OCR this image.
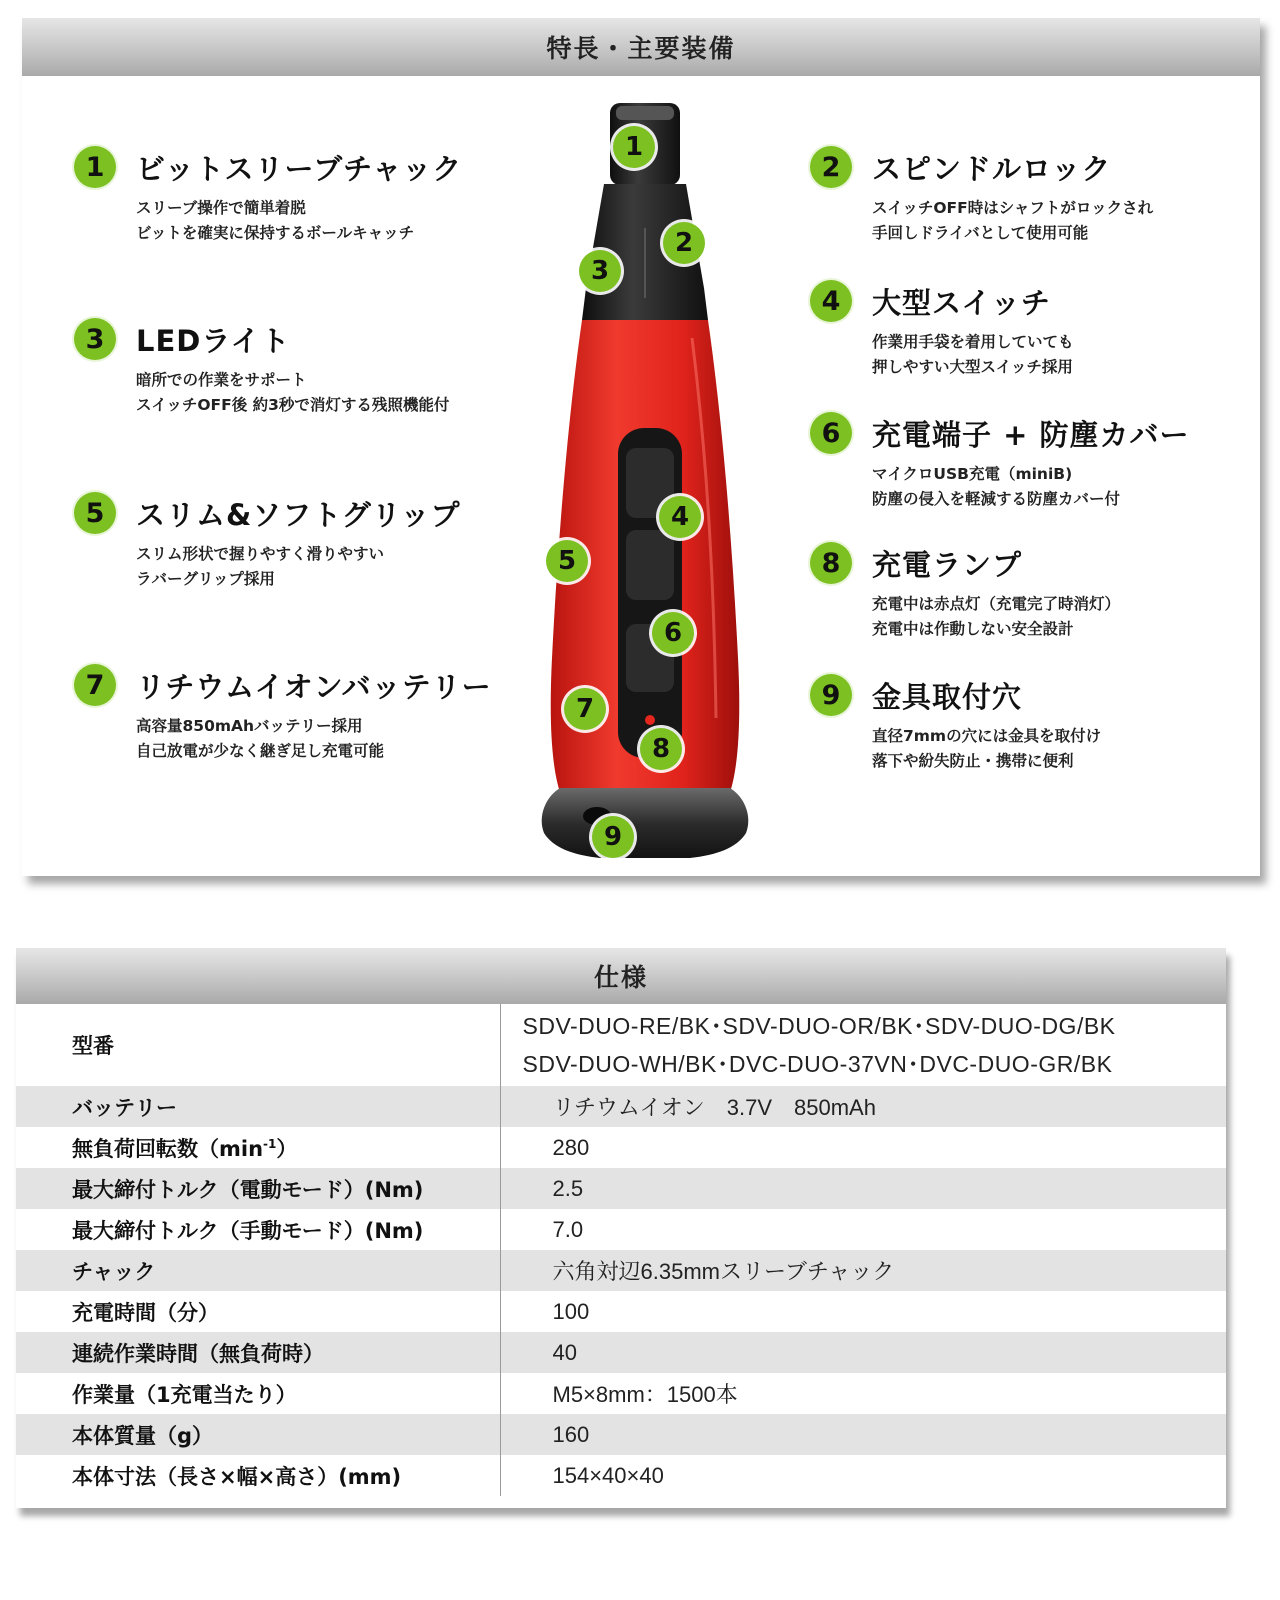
特長・主要装備
1	ビットスリーブチャック
スリーブ操作で簡単着脱
ビットを確実に保持するボールキャッチ
3	LEDライト
暗所での作業をサポート
スイッチOFF後 約3秒で消灯する残照機能付
5	スリム&ソフトグリップ
スリム形状で握りやすく滑りやすい
ラバーグリップ採用
7	リチウムイオンバッテリー
高容量850mAhバッテリー採用
自己放電が少なく継ぎ足し充電可能
2	スピンドルロック
スイッチOFF時はシャフトがロックされ
手回しドライバとして使用可能
4	大型スイッチ
作業用手袋を着用していても
押しやすい大型スイッチ採用
6	充電端子 + 防塵カバー
マイクロUSB充電（miniB)
防塵の侵入を軽減する防塵カバー付
8	充電ランプ
充電中は赤点灯（充電完了時消灯）
充電中は作動しない安全設計
9	金具取付穴
直径7mmの穴には金具を取付け
落下や紛失防止・携帯に便利
1
2
3
4
5
6
7
8
9
仕様
型番	SDV-DUO-RE/BK･SDV-DUO-OR/BK･SDV-DUO-DG/BK
SDV-DUO-WH/BK･DVC-DUO-37VN･DVC-DUO-GR/BK

バッテリー	リチウムイオン　3.7V　850mAh
無負荷回転数$(\min^{-1})$	280
最大締付トルク（電動モード）(Nm)	2.5
最大締付トルク（手動モード）(Nm)	7.0
チャック	六角対辺6.35mmスリーブチャック
充電時間（分）	100
連続作業時間（無負荷時）	40
作業量（1充電当たり）	M5×8mm：1500本
本体質量（g）	160
本体寸法（長さ×幅×高さ）(mm)	154×40×40
